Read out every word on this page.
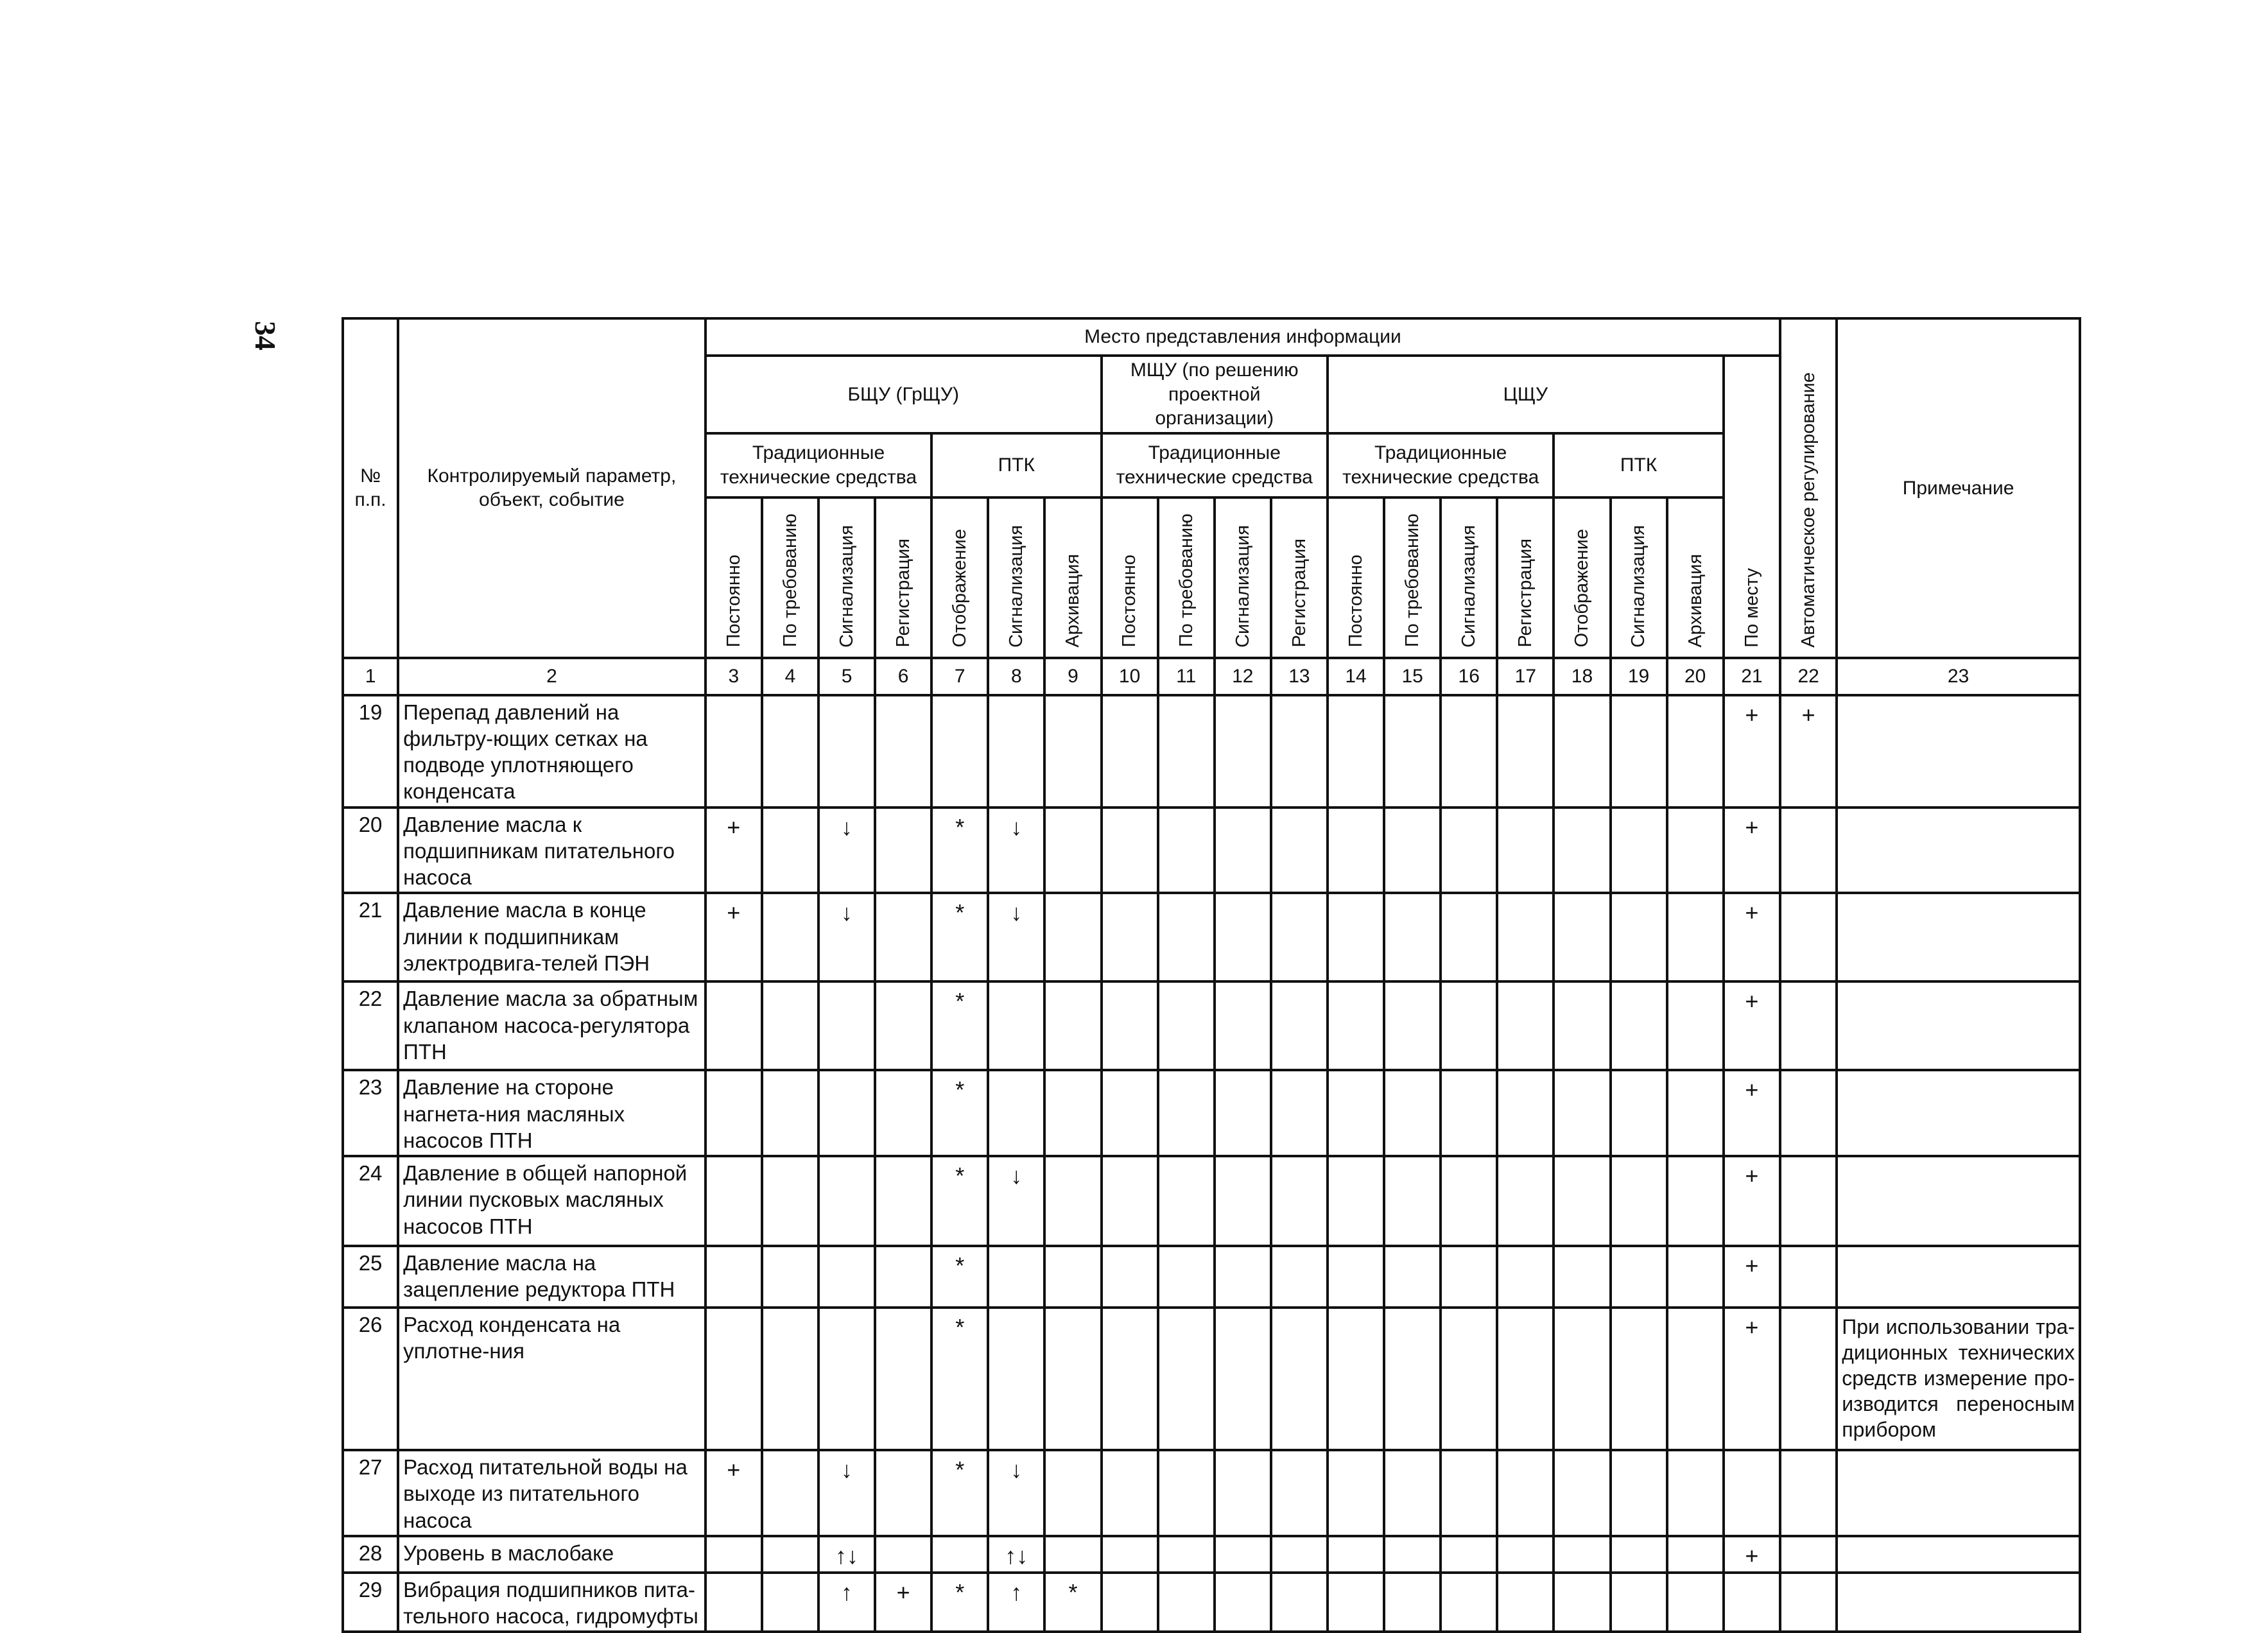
34
№
п.п.	Контролируемый параметр, объект, событие	Место представления информации																			Автоматическое регулирование	Примечание
		БЩУ (ГрЩУ)							МЩУ (по решению проектной организации)				ЦЩУ							По месту		
		Традиционные технические средства				ПТК			Традиционные технические средства				Традиционные технические средства				ПТК					
		Постоянно	По требованию	Сигнализация	Регистрация	Отображение	Сигнализация	Архивация	Постоянно	По требованию	Сигнализация	Регистрация	Постоянно	По требованию	Сигнализация	Регистрация	Отображение	Сигнализация	Архивация			
1	2	3	4	5	6	7	8	9	10	11	12	13	14	15	16	17	18	19	20	21	22	23
19	Перепад давлений на фильтру-ющих сетках на подводе уплотняющего конденсата																			+	+	
20	Давление масла к подшипникам питательного насоса	+		↓		*	↓													+		
21	Давление масла в конце линии к подшипникам электродвига-телей ПЭН	+		↓		*	↓													+		
22	Давление масла за обратным клапаном насоса-регулятора ПТН					*														+		
23	Давление на стороне нагнета-ния масляных насосов ПТН					*														+		
24	Давление в общей напорной линии пусковых масляных насосов ПТН					*	↓													+		
25	Давление масла на зацепление редуктора ПТН					*														+		
26	Расход конденсата на уплотне-ния					*														+		При использовании тра-диционных технических средств измерение про-изводится переносным прибором
27	Расход питательной воды на выходе из питательного насоса	+		↓		*	↓															
28	Уровень в маслобаке			↑↓			↑↓													+		
29	Вибрация подшипников пита-тельного насоса, гидромуфты			↑	+	*	↑	*														
